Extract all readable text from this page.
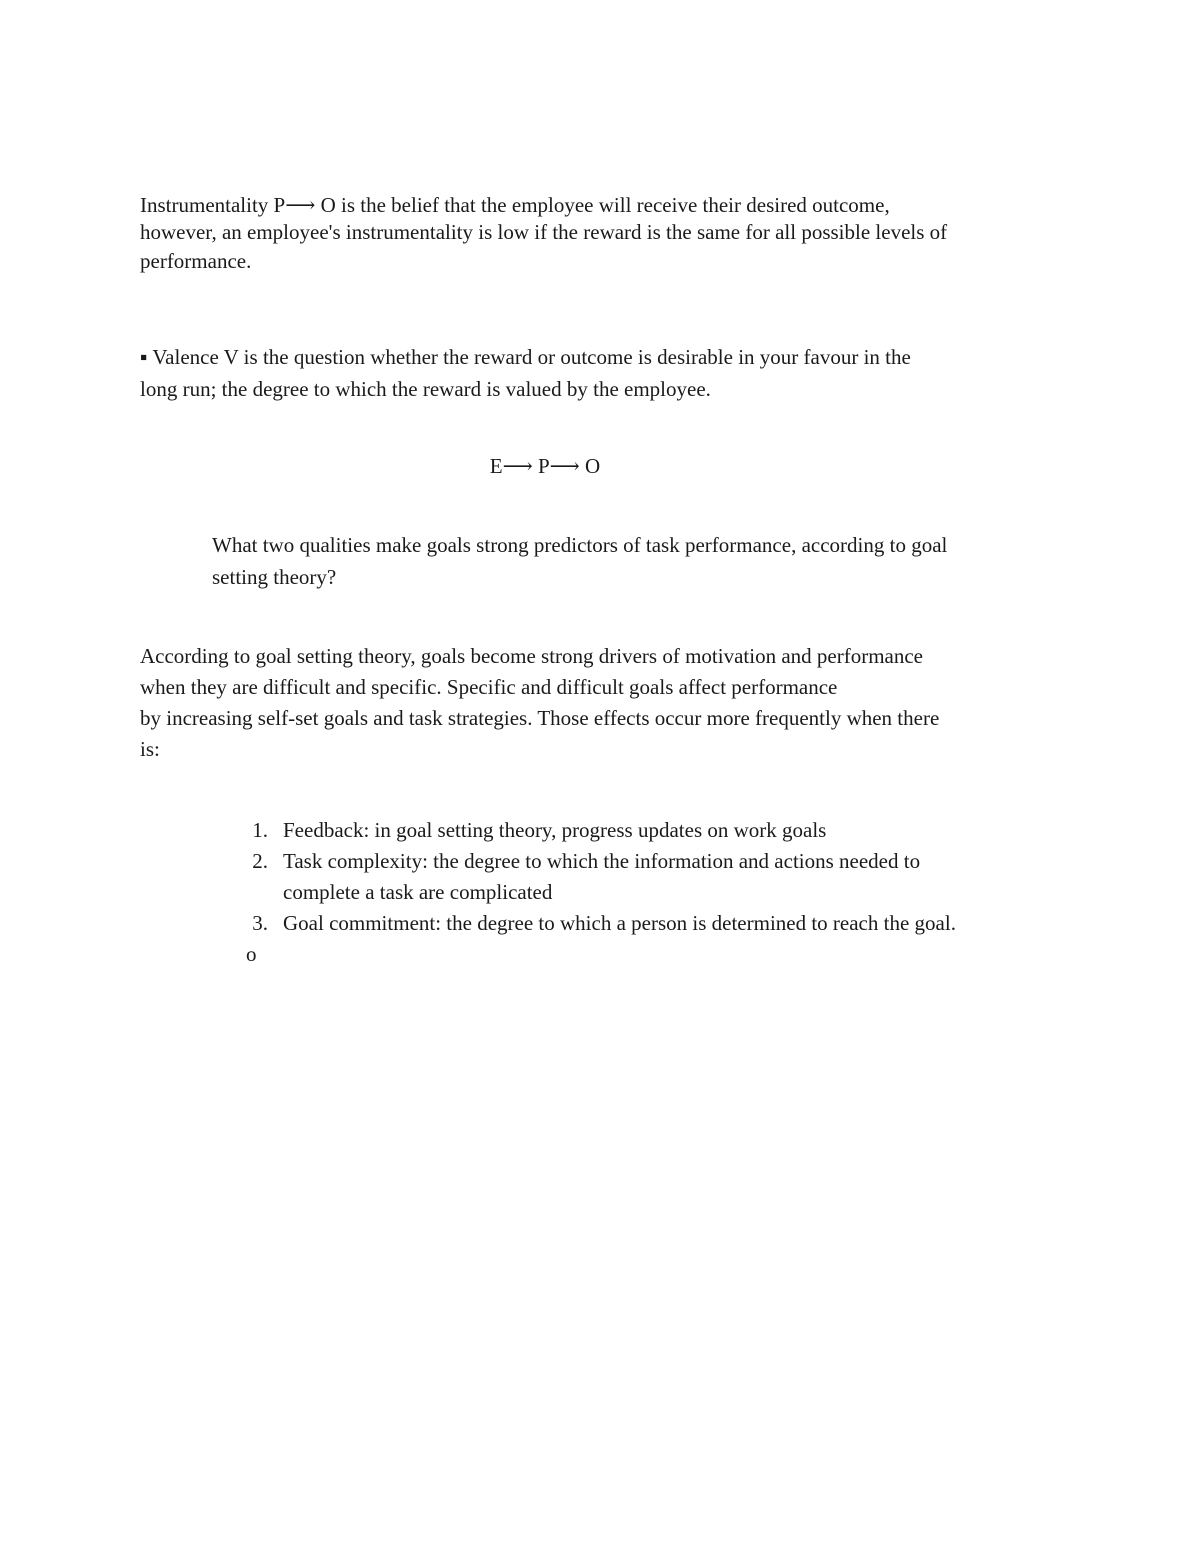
Instrumentality P⟶ O is the belief that the employee will receive their desired outcome,
however, an employee's instrumentality is low if the reward is the same for all possible levels of
performance.
▪ Valence V is the question whether the reward or outcome is desirable in your favour in the
long run; the degree to which the reward is valued by the employee.
E⟶ P⟶ O
What two qualities make goals strong predictors of task performance, according to goal
setting theory?
According to goal setting theory, goals become strong drivers of motivation and performance
when they are difficult and specific. Specific and difficult goals affect performance
by increasing self-set goals and task strategies. Those effects occur more frequently when there
is:
1. Feedback: in goal setting theory, progress updates on work goals
2. Task complexity: the degree to which the information and actions needed to
complete a task are complicated
3. Goal commitment: the degree to which a person is determined to reach the goal.
o
